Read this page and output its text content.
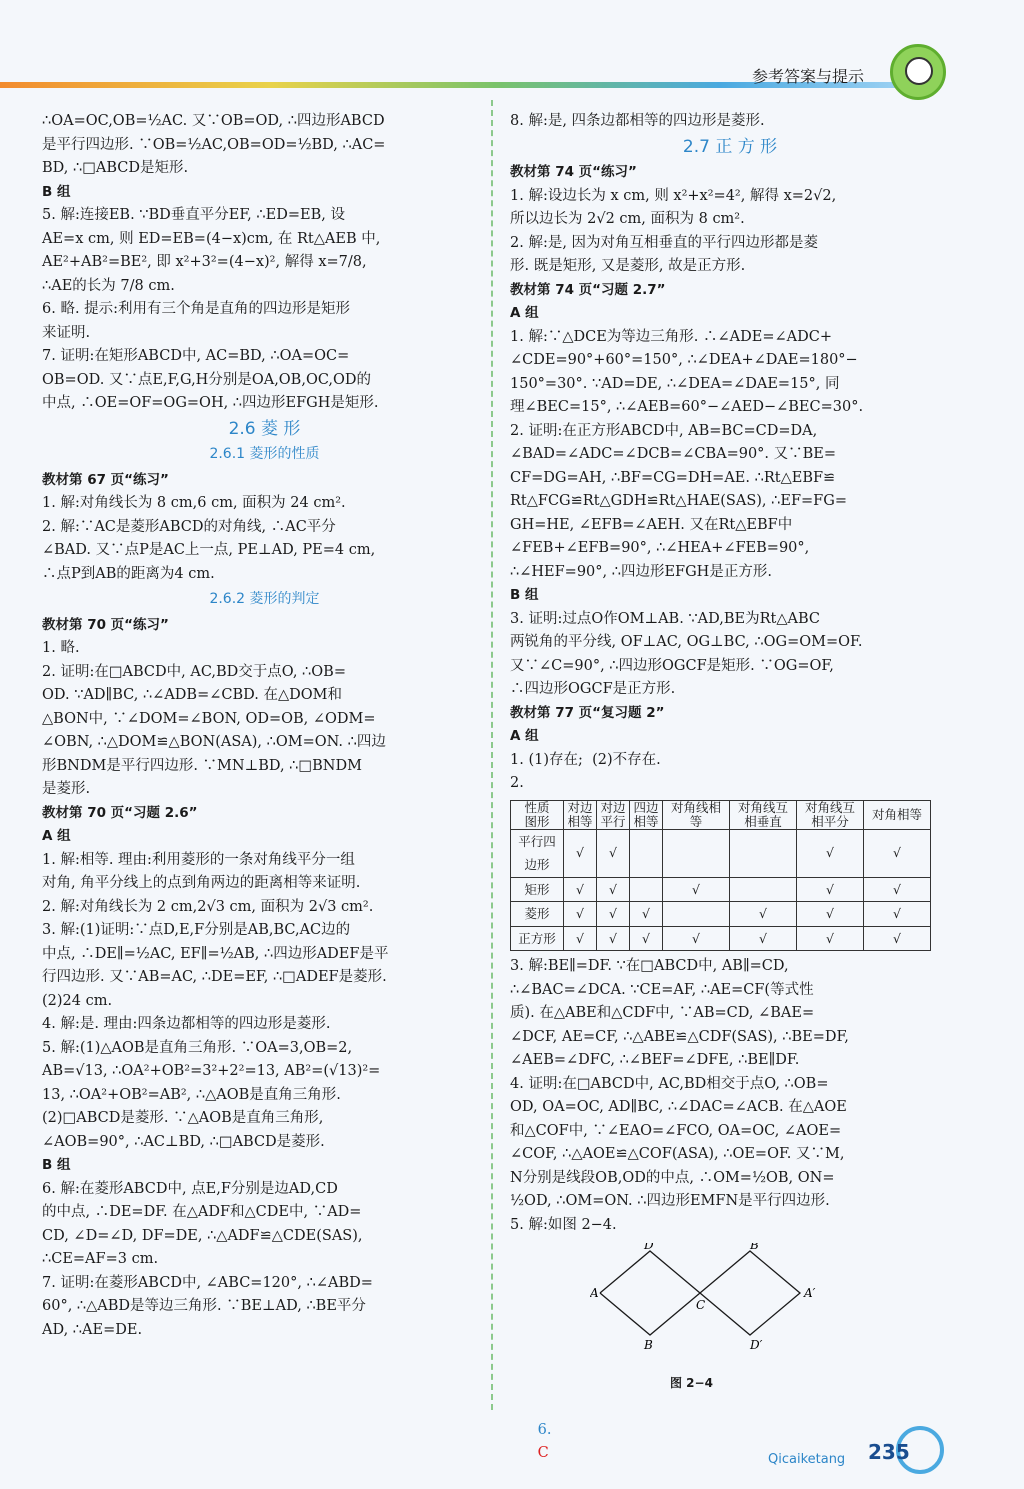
参考答案与提示
∴OA=OC,OB=½AC. 又∵OB=OD, ∴四边形ABCD
是平行四边形. ∵OB=½AC,OB=OD=½BD, ∴AC=
BD, ∴□ABCD是矩形.
B 组
5. 解:连接EB. ∵BD垂直平分EF, ∴ED=EB, 设
AE=x cm, 则 ED=EB=(4−x)cm, 在 Rt△AEB 中,
AE²+AB²=BE², 即 x²+3²=(4−x)², 解得 x=7/8,
∴AE的长为 7/8 cm.
6. 略. 提示:利用有三个角是直角的四边形是矩形
来证明.
7. 证明:在矩形ABCD中, AC=BD, ∴OA=OC=
OB=OD. 又∵点E,F,G,H分别是OA,OB,OC,OD的
中点, ∴OE=OF=OG=OH, ∴四边形EFGH是矩形.
2.6 菱 形
2.6.1 菱形的性质
教材第 67 页“练习”
1. 解:对角线长为 8 cm,6 cm, 面积为 24 cm².
2. 解:∵AC是菱形ABCD的对角线, ∴AC平分
∠BAD. 又∵点P是AC上一点, PE⊥AD, PE=4 cm,
∴点P到AB的距离为4 cm.
2.6.2 菱形的判定
教材第 70 页“练习”
1. 略.
2. 证明:在□ABCD中, AC,BD交于点O, ∴OB=
OD. ∵AD∥BC, ∴∠ADB=∠CBD. 在△DOM和
△BON中, ∵∠DOM=∠BON, OD=OB, ∠ODM=
∠OBN, ∴△DOM≌△BON(ASA), ∴OM=ON. ∴四边
形BNDM是平行四边形. ∵MN⊥BD, ∴□BNDM
是菱形.
教材第 70 页“习题 2.6”
A 组
1. 解:相等. 理由:利用菱形的一条对角线平分一组
对角, 角平分线上的点到角两边的距离相等来证明.
2. 解:对角线长为 2 cm,2√3 cm, 面积为 2√3 cm².
3. 解:(1)证明:∵点D,E,F分别是AB,BC,AC边的
中点, ∴DE∥=½AC, EF∥=½AB, ∴四边形ADEF是平
行四边形. 又∵AB=AC, ∴DE=EF, ∴□ADEF是菱形.
(2)24 cm.
4. 解:是. 理由:四条边都相等的四边形是菱形.
5. 解:(1)△AOB是直角三角形. ∵OA=3,OB=2,
AB=√13, ∴OA²+OB²=3²+2²=13, AB²=(√13)²=
13, ∴OA²+OB²=AB², ∴△AOB是直角三角形.
(2)□ABCD是菱形. ∵△AOB是直角三角形,
∠AOB=90°, ∴AC⊥BD, ∴□ABCD是菱形.
B 组
6. 解:在菱形ABCD中, 点E,F分别是边AD,CD
的中点, ∴DE=DF. 在△ADF和△CDE中, ∵AD=
CD, ∠D=∠D, DF=DE, ∴△ADF≌△CDE(SAS),
∴CE=AF=3 cm.
7. 证明:在菱形ABCD中, ∠ABC=120°, ∴∠ABD=
60°, ∴△ABD是等边三角形. ∵BE⊥AD, ∴BE平分
AD, ∴AE=DE.
8. 解:是, 四条边都相等的四边形是菱形.
2.7 正 方 形
教材第 74 页“练习”
1. 解:设边长为 x cm, 则 x²+x²=4², 解得 x=2√2,
所以边长为 2√2 cm, 面积为 8 cm².
2. 解:是, 因为对角互相垂直的平行四边形都是菱
形. 既是矩形, 又是菱形, 故是正方形.
教材第 74 页“习题 2.7”
A 组
1. 解:∵△DCE为等边三角形. ∴∠ADE=∠ADC+
∠CDE=90°+60°=150°, ∴∠DEA+∠DAE=180°−
150°=30°. ∵AD=DE, ∴∠DEA=∠DAE=15°, 同
理∠BEC=15°, ∴∠AEB=60°−∠AED−∠BEC=30°.
2. 证明:在正方形ABCD中, AB=BC=CD=DA,
∠BAD=∠ADC=∠DCB=∠CBA=90°. 又∵BE=
CF=DG=AH, ∴BF=CG=DH=AE. ∴Rt△EBF≌
Rt△FCG≌Rt△GDH≌Rt△HAE(SAS), ∴EF=FG=
GH=HE, ∠EFB=∠AEH. 又在Rt△EBF中
∠FEB+∠EFB=90°, ∴∠HEA+∠FEB=90°,
∴∠HEF=90°, ∴四边形EFGH是正方形.
B 组
3. 证明:过点O作OM⊥AB. ∵AD,BE为Rt△ABC
两锐角的平分线, OF⊥AC, OG⊥BC, ∴OG=OM=OF.
又∵∠C=90°, ∴四边形OGCF是矩形. ∵OG=OF,
∴四边形OGCF是正方形.
教材第 77 页“复习题 2”
A 组
1. (1)存在;  (2)不存在.
2.
性质
图形	对边相等	对边平行	四边相等	对角线相等	对角线互相垂直	对角线互相平分	对角相等
平行四边形	√	√				√	√
矩形	√	√		√		√	√
菱形	√	√	√		√	√	√
正方形	√	√	√	√	√	√	√
3. 解:BE∥=DF. ∵在□ABCD中, AB∥=CD,
∴∠BAC=∠DCA. ∵CE=AF, ∴AE=CF(等式性
质). 在△ABE和△CDF中, ∵AB=CD, ∠BAE=
∠DCF, AE=CF, ∴△ABE≌△CDF(SAS), ∴BE=DF,
∠AEB=∠DFC, ∴∠BEF=∠DFE, ∴BE∥DF.
4. 证明:在□ABCD中, AC,BD相交于点O, ∴OB=
OD, OA=OC, AD∥BC, ∴∠DAC=∠ACB. 在△AOE
和△COF中, ∵∠EAO=∠FCO, OA=OC, ∠AOE=
∠COF, ∴△AOE≌△COF(ASA), ∴OE=OF. 又∵M,
N分别是线段OB,OD的中点, ∴OM=½OB, ON=
½OD, ∴OM=ON. ∴四边形EMFN是平行四边形.
5. 解:如图 2−4.
D	B′
A
C
A′
B	D′
图 2−4

6.
C
	Qicaiketang 235
